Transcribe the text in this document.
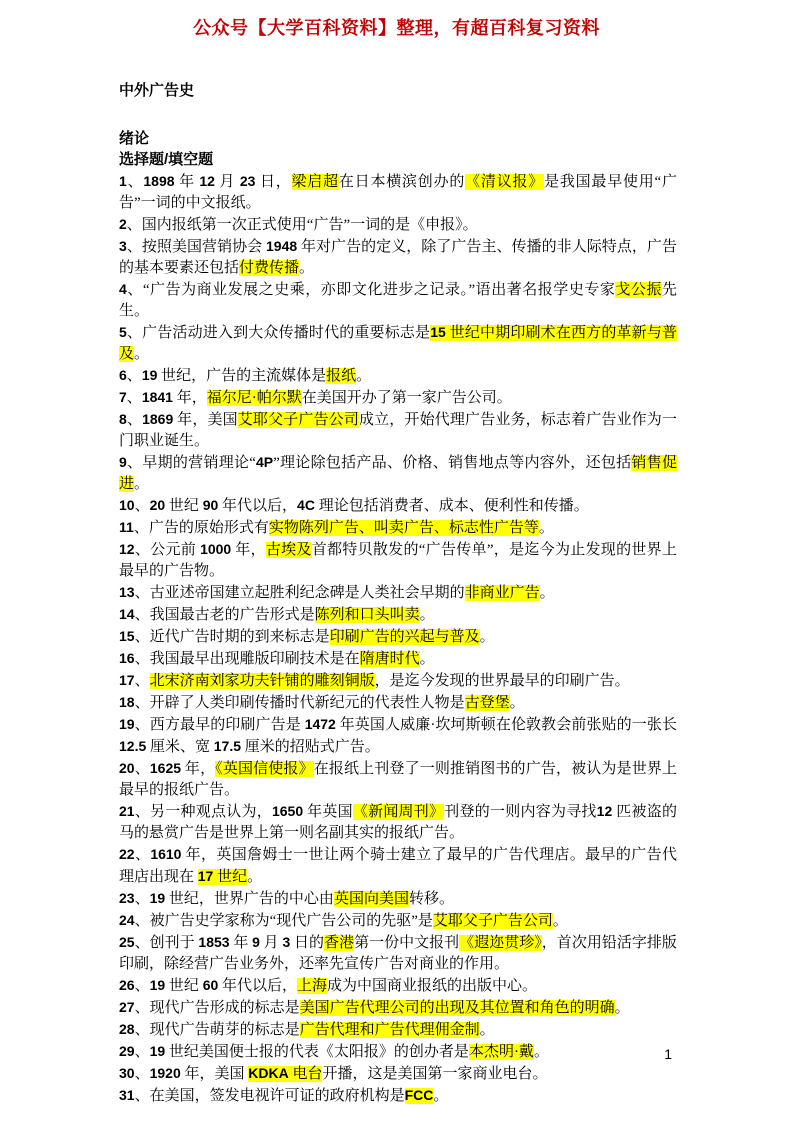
公众号【大学百科资料】整理，有超百科复习资料
中外广告史
绪论
选择题/填空题
1、1898 年 12 月 23 日，梁启超在日本横滨创办的《清议报》是我国最早使用“广告”一词的中文报纸。
2、国内报纸第一次正式使用“广告”一词的是《申报》。
3、按照美国营销协会 1948 年对广告的定义，除了广告主、传播的非人际特点，广告的基本要素还包括付费传播。
4、“广告为商业发展之史乘，亦即文化进步之记录。”语出著名报学史专家戈公振先生。
5、广告活动进入到大众传播时代的重要标志是15 世纪中期印刷术在西方的革新与普及。
6、19 世纪，广告的主流媒体是报纸。
7、1841 年，福尔尼·帕尔默在美国开办了第一家广告公司。
8、1869 年，美国艾耶父子广告公司成立，开始代理广告业务，标志着广告业作为一门职业诞生。
9、早期的营销理论“4P”理论除包括产品、价格、销售地点等内容外，还包括销售促进。
10、20 世纪 90 年代以后，4C 理论包括消费者、成本、便利性和传播。
11、广告的原始形式有实物陈列广告、叫卖广告、标志性广告等。
12、公元前 1000 年，古埃及首都特贝散发的“广告传单”，是迄今为止发现的世界上最早的广告物。
13、古亚述帝国建立起胜利纪念碑是人类社会早期的非商业广告。
14、我国最古老的广告形式是陈列和口头叫卖。
15、近代广告时期的到来标志是印刷广告的兴起与普及。
16、我国最早出现雕版印刷技术是在隋唐时代。
17、北宋济南刘家功夫针铺的雕刻铜版，是迄今发现的世界最早的印刷广告。
18、开辟了人类印刷传播时代新纪元的代表性人物是古登堡。
19、西方最早的印刷广告是 1472 年英国人威廉·坎坷斯顿在伦敦教会前张贴的一张长 12.5 厘米、宽 17.5 厘米的招贴式广告。
20、1625 年，《英国信使报》在报纸上刊登了一则推销图书的广告，被认为是世界上最早的报纸广告。
21、另一种观点认为，1650 年英国《新闻周刊》刊登的一则内容为寻找12 匹被盗的马的悬赏广告是世界上第一则名副其实的报纸广告。
22、1610 年，英国詹姆士一世让两个骑士建立了最早的广告代理店。最早的广告代理店出现在 17 世纪。
23、19 世纪，世界广告的中心由英国向美国转移。
24、被广告史学家称为“现代广告公司的先驱”是艾耶父子广告公司。
25、创刊于 1853 年 9 月 3 日的香港第一份中文报刊《遐迩贯珍》，首次用铅活字排版印刷，除经营广告业务外，还率先宣传广告对商业的作用。
26、19 世纪 60 年代以后，上海成为中国商业报纸的出版中心。
27、现代广告形成的标志是美国广告代理公司的出现及其位置和角色的明确。
28、现代广告萌芽的标志是广告代理和广告代理佣金制。
29、19 世纪美国便士报的代表《太阳报》的创办者是本杰明·戴。
30、1920 年，美国 KDKA 电台开播，这是美国第一家商业电台。
31、在美国，签发电视许可证的政府机构是FCC。
1
